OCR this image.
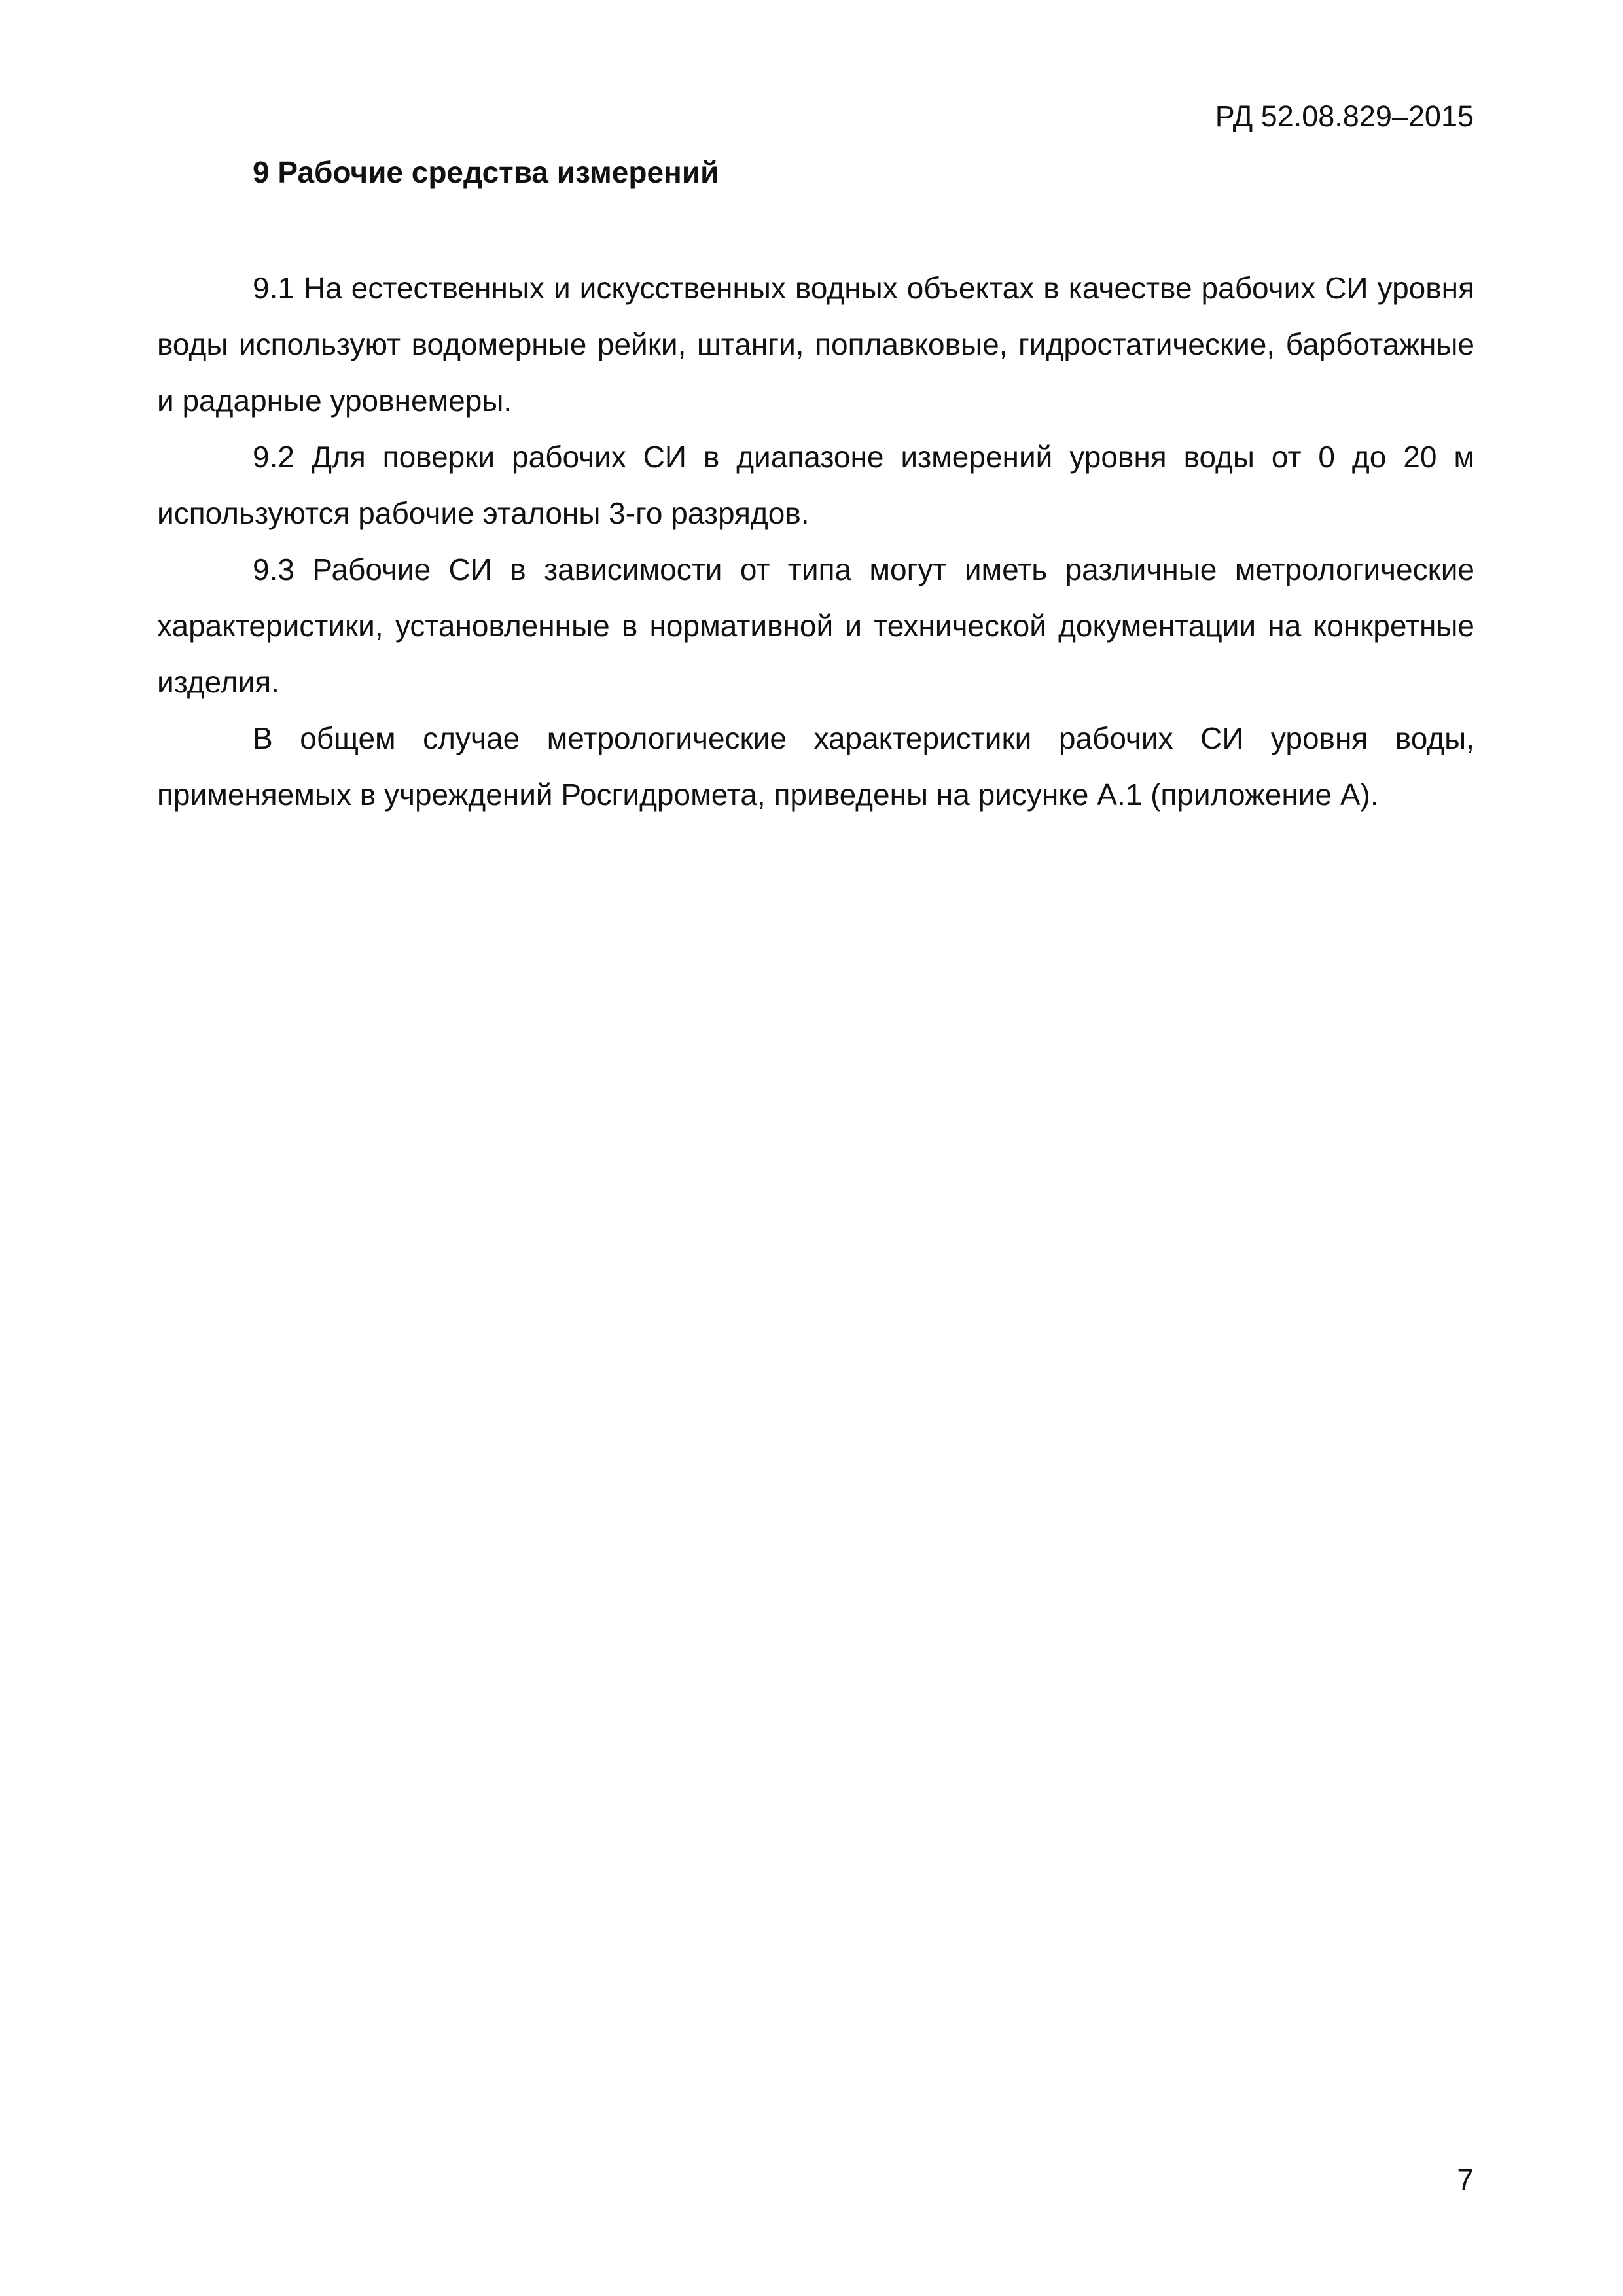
РД 52.08.829–2015
9 Рабочие средства измерений

9.1 На естественных и искусственных водных объектах в качестве рабочих СИ уровня воды используют водомерные рейки, штанги, поплавковые, гидростатические, барботажные и радарные уровнемеры.

9.2 Для поверки рабочих СИ в диапазоне измерений уровня воды от 0 до 20 м используются рабочие эталоны 3-го разрядов.

9.3 Рабочие СИ в зависимости от типа могут иметь различные метрологические характеристики, установленные в нормативной и технической документации на конкретные изделия.

В общем случае метрологические характеристики рабочих СИ уровня воды, применяемых в учреждений Росгидромета, приведены на рисунке А.1 (приложение А).

7
